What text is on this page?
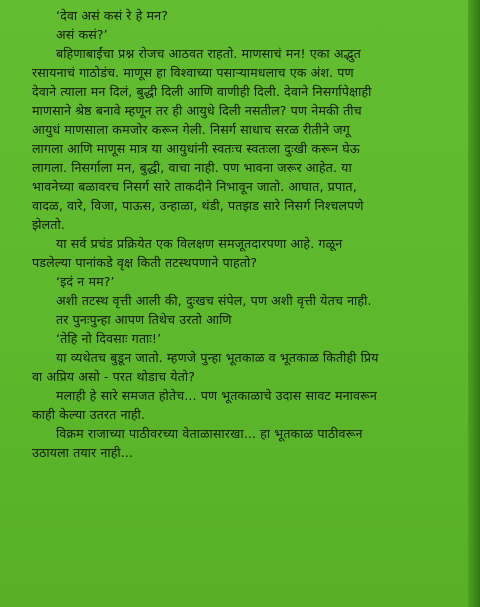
‘देवा असं कसं रे हे मन?
असं कसं?’
बहिणाबाईंचा प्रश्न रोजच आठवत राहतो. माणसाचं मन! एका अद्भुत
रसायनाचं गाठोडंच. माणूस हा विश्वाच्या पसाऱ्यामधलाच एक अंश. पण
देवाने त्याला मन दिलं, बुद्धी दिली आणि वाणीही दिली. देवाने निसर्गापेक्षाही
माणसाने श्रेष्ठ बनावे म्हणून तर ही आयुधे दिली नसतील? पण नेमकी तीच
आयुधं माणसाला कमजोर करून गेली. निसर्ग साधाच सरळ रीतीने जगू
लागला आणि माणूस मात्र या आयुधांनी स्वतःच स्वतःला दुःखी करून घेऊ
लागला. निसर्गाला मन, बुद्धी, वाचा नाही. पण भावना जरूर आहेत. या
भावनेच्या बळावरच निसर्ग सारे ताकदीने निभावून जातो. आघात, प्रपात,
वादळ, वारे, विजा, पाऊस, उन्हाळा, थंडी, पतझड सारे निसर्ग निश्चलपणे
झेलतो.
या सर्व प्रचंड प्रक्रियेत एक विलक्षण समजूतदारपणा आहे. गळून
पडलेल्या पानांकडे वृक्ष किती तटस्थपणाने पाहतो?
‘इदं न मम?’
अशी तटस्थ वृत्ती आली की, दुःखच संपेल, पण अशी वृत्ती येतच नाही.
तर पुनःपुन्हा आपण तिथेच उरतो आणि
‘तेहि नो दिवसाः गताः!’
या व्यथेतच बुडून जातो. म्हणजे पुन्हा भूतकाळ व भूतकाळ कितीही प्रिय
वा अप्रिय असो - परत थोडाच येतो?
मलाही हे सारे समजत होतेच... पण भूतकाळाचे उदास सावट मनावरून
काही केल्या उतरत नाही.
विक्रम राजाच्या पाठीवरच्या वेताळासारखा... हा भूतकाळ पाठीवरून
उठायला तयार नाही...
